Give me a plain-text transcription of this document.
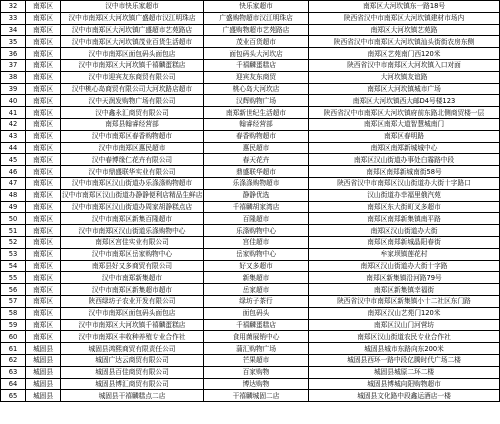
32	南郑区	汉中市快乐家超市	快乐家超市	南郑区大河坎镇东一路18号
33	南郑区	汉中市南郑区大河坎镇广盛超市汉江明珠店	广盛购物超市汉江明珠店	陕西省汉中市南郑区大河坎镇建材市场内
34	南郑区	汉中市南郑区大河坎镇广盛超市艺苑路店	广盛购物超市艺苑路店	南郑区大河坎镇艺苑路
35	南郑区	汉中市南郑区大河坎镇茂业百货生活超市	茂业百货超市	陕西省汉中市南郑区大河坎镇汕头街街农房东侧
36	南郑区	汉中市南郑区面包码头面包店	面包码头大河坎店	南郑区艺苑南门西120米
37	南郑区	汉中市南郑区大河坎镇千禧麟蛋糕店	千禧麟蛋糕店	陕西省汉中市南郑区大河坎镇入口对面
38	南郑区	汉中市迎宾友东商贸有限公司	迎宾友东商贸	大河坎镇友谊路
39	南郑区	汉中桃心岛商贸有限公司大河坎路店超市	桃心岛大河坎店	南郑区大河坎镇城市广场
40	南郑区	汉中天润发购物广场有限公司	汉辉购物广场	南郑区大河坎镇西大邮D4号楼123
41	南郑区	汉中鑫永汇商贸有限公司	南郑新世纪生活超市	陕西省汉中市南郑区大河坎镇府前东路北侧商贸楼一层
42	南郑区	南郑县翰睿经营部	翰睿经营部	南郑区南郑大道智慧城南门
43	南郑区	汉中市南郑区春香购物超市	春香购物超市	南郑区春明路
44	南郑区	汉中市南郑区惠民超市	惠民超市	南郑区南郑新城城中心
45	南郑区	汉中春博缘仁花卉有限公司	春天花卉	南郑区汉山街道办事处白霧路中段
46	南郑区	汉中市鼎盛联华实业有限公司	鼎盛联华超市	南郑区南郑新城南街58号
47	南郑区	汉中市南郑区汉山街道办乐涤涤购物超市	乐涤涤购物超市	陕西省汉中市南郑区汉山街道办大街十字路口
48	南郑区	汉中市南郑区汉山街道办静静便利店精品生鲜店	静静优选	汉山街道办幸福里俄汽苑
49	南郑区	汉中市南郑区汉山街道办周家胡静糕点店	千禧麟胡家湾店	南郑区东大街町叉多超市
50	南郑区	汉中市南郑区新集百隆超市	百隆超市	南郑区南郑新集镇南平路
51	南郑区	汉中市南郑区汉山街道乐涤购物中心	乐涤购物中心	南郑区汉山街道办大街
52	南郑区	南郑区宫佳实业有限公司	宫佳超市	南郑区南郑新城晶阳春街
53	南郑区	汉中市南郑区岳家购物中心	岳家购物中心	牟家坝镇莲花村
54	南郑区	南郑县好又多商贸有限公司	好又多超市	南郑区汉山街道办大街十字路
55	南郑区	汉中市南郑新集超市	新集超市	南郑区新集镇沿河路79号
56	南郑区	汉中市南郑区新集超市超市	岳家超市	南郑区新集镇幸福街
57	南郑区	陕西绿坊子农业开发有限公司	绿坊子茶行	陕西省汉中市南郑区新集镇小十二社区东门路
58	南郑区	汉中市南郑区面包码头面包店	面包码头	南郑区汉山艺苑门120米
59	南郑区	汉中市南郑区大河坎镇千禧麟蛋糕店	千禧麟蛋糕店	南郑区汉山门河营坊
60	南郑区	汉中市南郑区丰收种养殖专业合作社	食用菌展销中心	南郑区汉山街道农民专业合作社
61	城固县	城固县鸿熙商贸有限责任公司	蒲汇购物广场	城固县城市东路向东200米
62	城固县	城固广达云商贸有限公司	芒果超市	城固县西环一路中段亿腾时代广场二楼
63	城固县	城固县百佳商贸有限公司	百家购物	城固县城原二环二楼
64	城固县	城固县博汇商贸有限公司	博达购物	城固县博城向阳购物超市
65	城固县	城固县干禧麟糕点二店	干禧麟城固二店	城固县文化路中段鑫运酒店一楼
